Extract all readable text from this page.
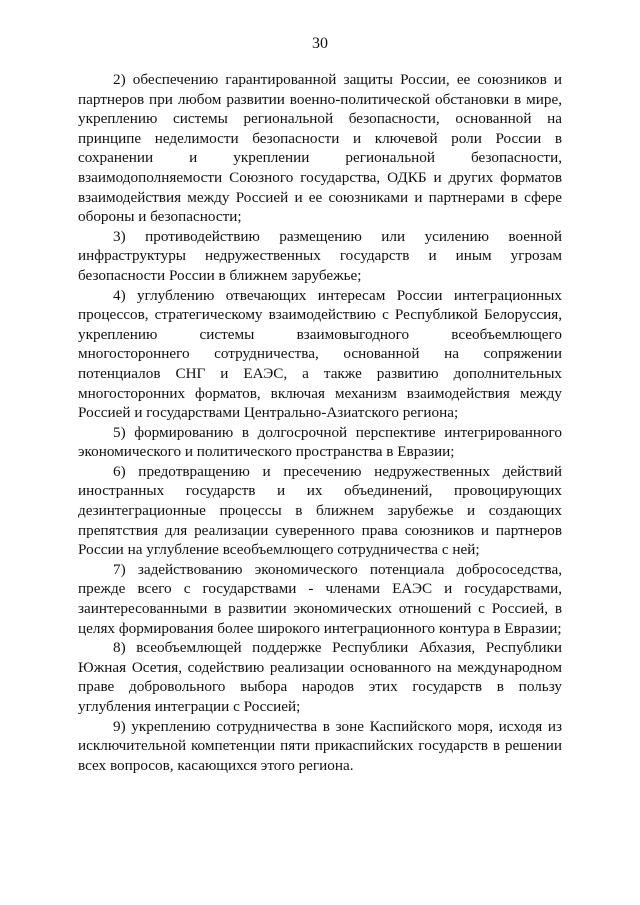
30

2) обеспечению гарантированной защиты России, ее союзников и партнеров при любом развитии военно-политической обстановки в мире, укреплению системы региональной безопасности, основанной на принципе неделимости безопасности и ключевой роли России в сохранении и укреплении региональной безопасности, взаимодополняемости Союзного государства, ОДКБ и других форматов взаимодействия между Россией и ее союзниками и партнерами в сфере обороны и безопасности;

3) противодействию размещению или усилению военной инфраструктуры недружественных государств и иным угрозам безопасности России в ближнем зарубежье;

4) углублению отвечающих интересам России интеграционных процессов, стратегическому взаимодействию с Республикой Белоруссия, укреплению системы взаимовыгодного всеобъемлющего многостороннего сотрудничества, основанной на сопряжении потенциалов СНГ и ЕАЭС, а также развитию дополнительных многосторонних форматов, включая механизм взаимодействия между Россией и государствами Центрально-Азиатского региона;

5) формированию в долгосрочной перспективе интегрированного экономического и политического пространства в Евразии;

6) предотвращению и пресечению недружественных действий иностранных государств и их объединений, провоцирующих дезинтеграционные процессы в ближнем зарубежье и создающих препятствия для реализации суверенного права союзников и партнеров России на углубление всеобъемлющего сотрудничества с ней;

7) задействованию экономического потенциала добрососедства, прежде всего с государствами - членами ЕАЭС и государствами, заинтересованными в развитии экономических отношений с Россией, в целях формирования более широкого интеграционного контура в Евразии;

8) всеобъемлющей поддержке Республики Абхазия, Республики Южная Осетия, содействию реализации основанного на международном праве добровольного выбора народов этих государств в пользу углубления интеграции с Россией;

9) укреплению сотрудничества в зоне Каспийского моря, исходя из исключительной компетенции пяти прикаспийских государств в решении всех вопросов, касающихся этого региона.
